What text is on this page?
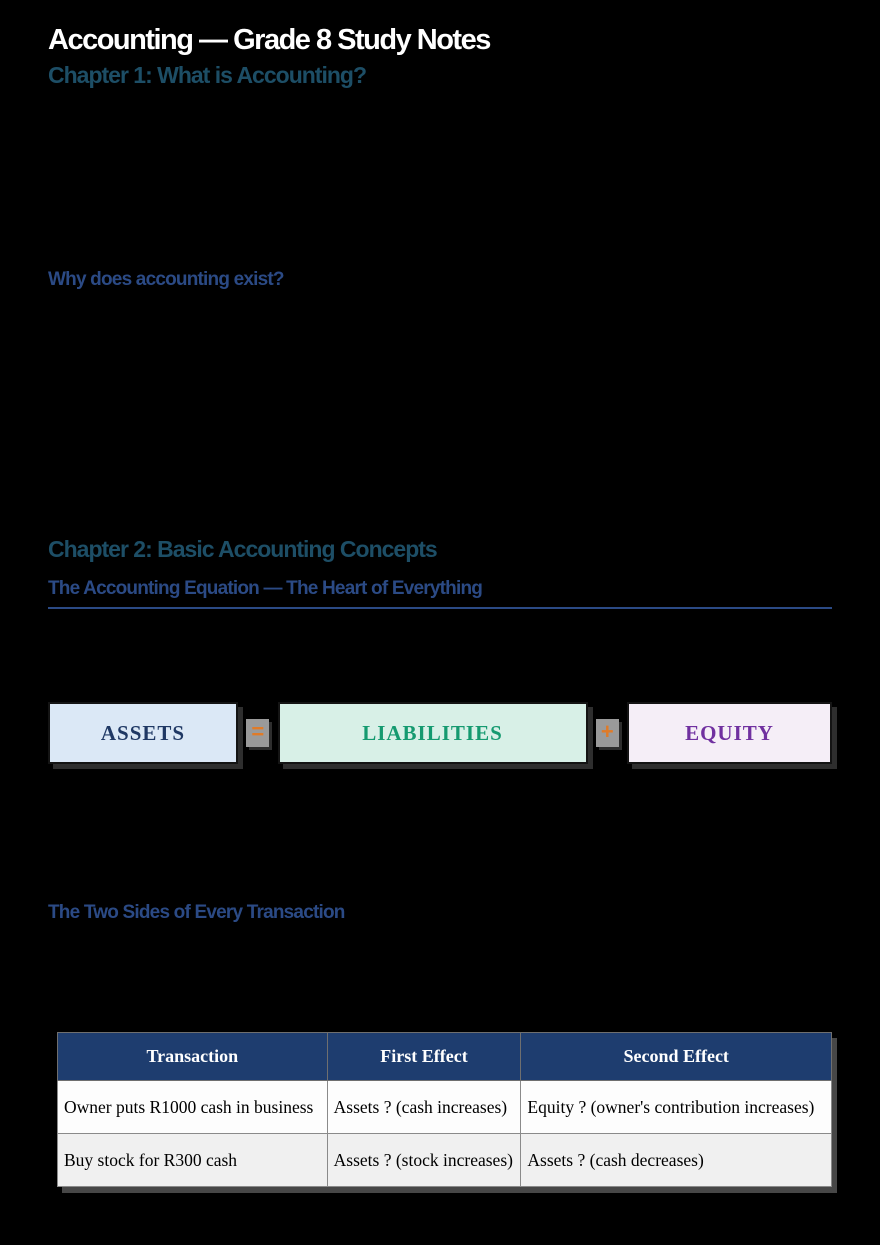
Accounting — Grade 8 Study Notes
Chapter 1: What is Accounting?
Why does accounting exist?
Chapter 2: Basic Accounting Concepts
The Accounting Equation — The Heart of Everything
ASSETS	=	LIABILITIES	+	EQUITY
The Two Sides of Every Transaction
Transaction	First Effect	Second Effect
Owner puts R1000 cash in business	Assets ? (cash increases)	Equity ? (owner's contribution increases)
Buy stock for R300 cash	Assets ? (stock increases)	Assets ? (cash decreases)
